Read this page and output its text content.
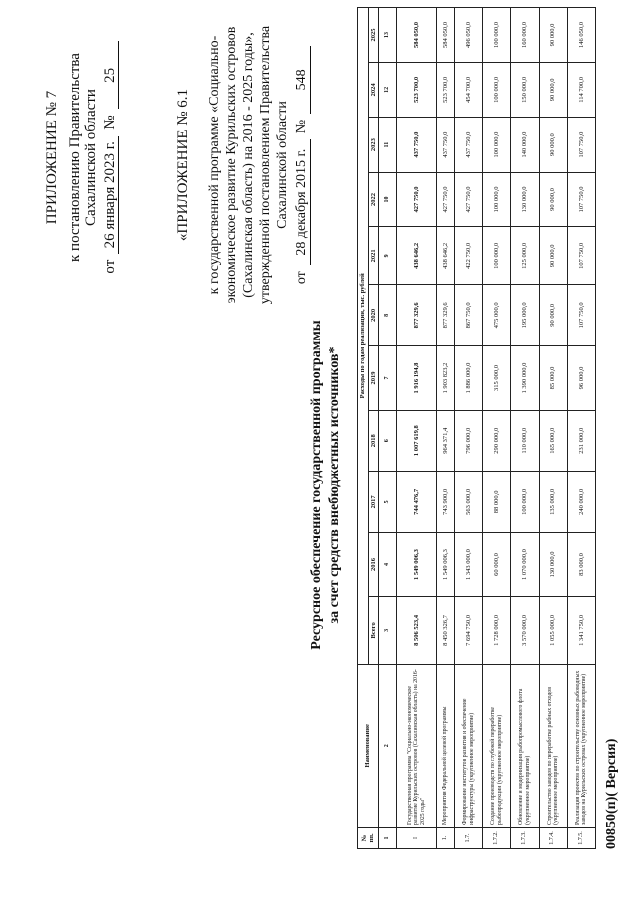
ПРИЛОЖЕНИЕ № 7 к постановлению Правительства Сахалинской области
от
26 января 2023 г.
№
25
«ПРИЛОЖЕНИЕ № 6.1 к государственной программе «Социально- экономическое развитие Курильских островов (Сахалинская область) на 2016 - 2025 годы», утвержденной постановлением Правительства Сахалинской области
от
28 декабря 2015 г.
№
548
Ресурсное обеспечение государственной программы за счет средств внебюджетных источников*
№ пп.	Наименование	Расходы по годам реализации, тыс. рублей										
		Всего	2016	2017	2018	2019	2020	2021	2022	2023	2024	2025
1	2	3	4	5	6	7	8	9	10	11	12	13
I	Государственная программа "Социально-экономическое развитие Курильских островов (Сахалинская область) на 2016-2025 годы"	8 506 523,4	1 549 006,3	744 476,7	1 007 619,8	1 916 194,8	877 329,6	438 646,2	427 750,0	437 750,0	523 700,0	584 050,0
1.	Мероприятия Федеральной целевой программы	8 450 326,7	1 549 006,3	743 900,0	964 371,4	1 903 823,2	877 329,6	438 646,2	427 750,0	437 750,0	523 700,0	584 050,0
1.7.	Формирование институтов развития и обеспечение инфраструктуры (укрупненное мероприятие)	7 694 750,0	1 343 000,0	563 000,0	796 000,0	1 886 000,0	867 750,0	422 750,0	427 750,0	437 750,0	454 700,0	496 050,0
1.7.2.	Создание производств по глубокой переработке рыбопродукции (укрупненное мероприятие)	1 728 000,0	60 000,0	88 000,0	290 000,0	315 000,0	475 000,0	100 000,0	100 000,0	100 000,0	100 000,0	100 000,0
1.7.3.	Обновление и модернизация рыбопромыслового флота (укрупненное мероприятие)	3 570 000,0	1 070 000,0	100 000,0	110 000,0	1 390 000,0	195 000,0	125 000,0	130 000,0	140 000,0	150 000,0	160 000,0
1.7.4.	Строительство заводов по переработке рыбных отходов (укрупненное мероприятие)	1 055 000,0	130 000,0	135 000,0	165 000,0	85 000,0	90 000,0	90 000,0	90 000,0	90 000,0	90 000,0	90 000,0
1.7.5.	Реализация проектов по строительству основных рыбоводных заводов на Курильских островах (укрупненное мероприятие)	1 341 750,0	83 000,0	240 000,0	231 000,0	96 000,0	107 750,0	107 750,0	107 750,0	107 750,0	114 700,0	146 050,0
00850(п)( Версия)
